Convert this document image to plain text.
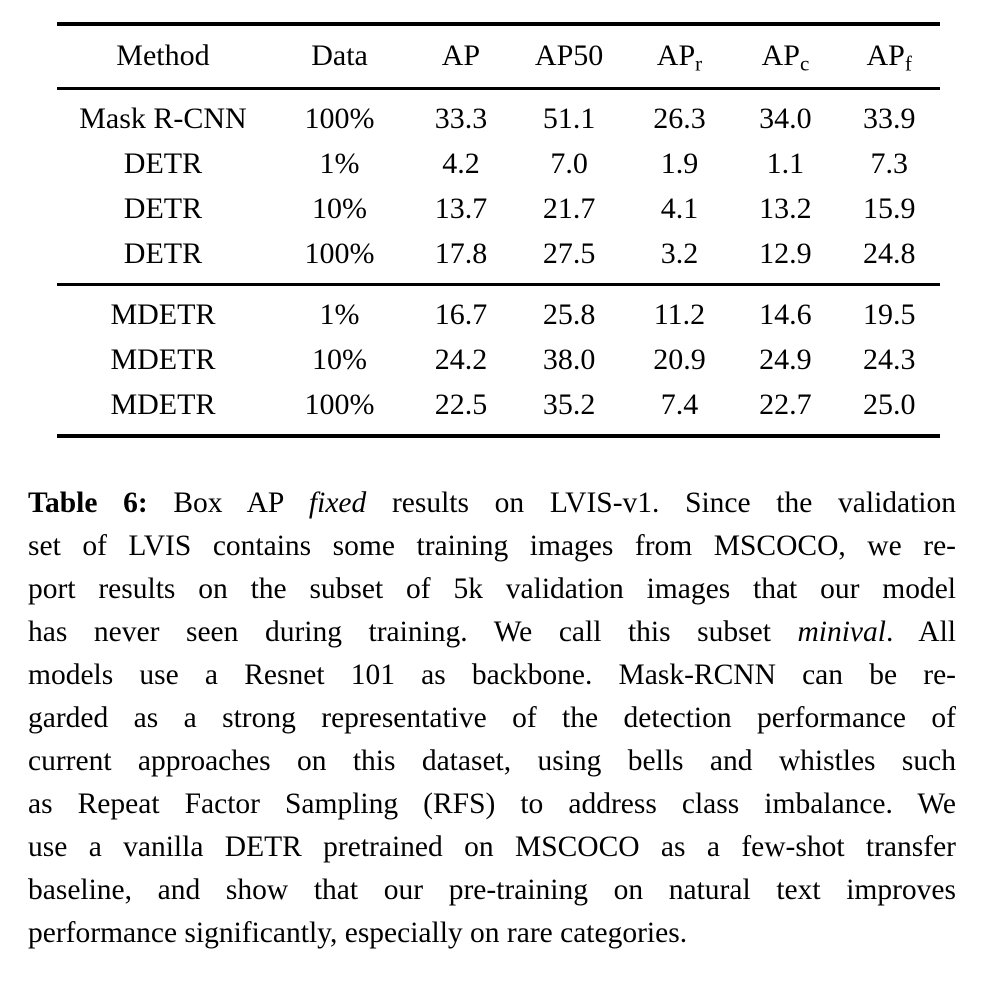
Method	Data	AP	AP50	$AP_r$	$AP_c$	$AP_f$
Mask R-CNN	100%	33.3	51.1	26.3	34.0	33.9
DETR	1%	4.2	7.0	1.9	1.1	7.3
DETR	10%	13.7	21.7	4.1	13.2	15.9
DETR	100%	17.8	27.5	3.2	12.9	24.8
MDETR	1%	16.7	25.8	11.2	14.6	19.5
MDETR	10%	24.2	38.0	20.9	24.9	24.3
MDETR	100%	22.5	35.2	7.4	22.7	25.0
Table 6: Box AP fixed results on LVIS-v1. Since the validation
set of LVIS contains some training images from MSCOCO, we re-
port results on the subset of 5k validation images that our model
has never seen during training. We call this subset minival. All
models use a Resnet 101 as backbone. Mask-RCNN can be re-
garded as a strong representative of the detection performance of
current approaches on this dataset, using bells and whistles such
as Repeat Factor Sampling (RFS) to address class imbalance. We
use a vanilla DETR pretrained on MSCOCO as a few-shot transfer
baseline, and show that our pre-training on natural text improves
performance significantly, especially on rare categories.
